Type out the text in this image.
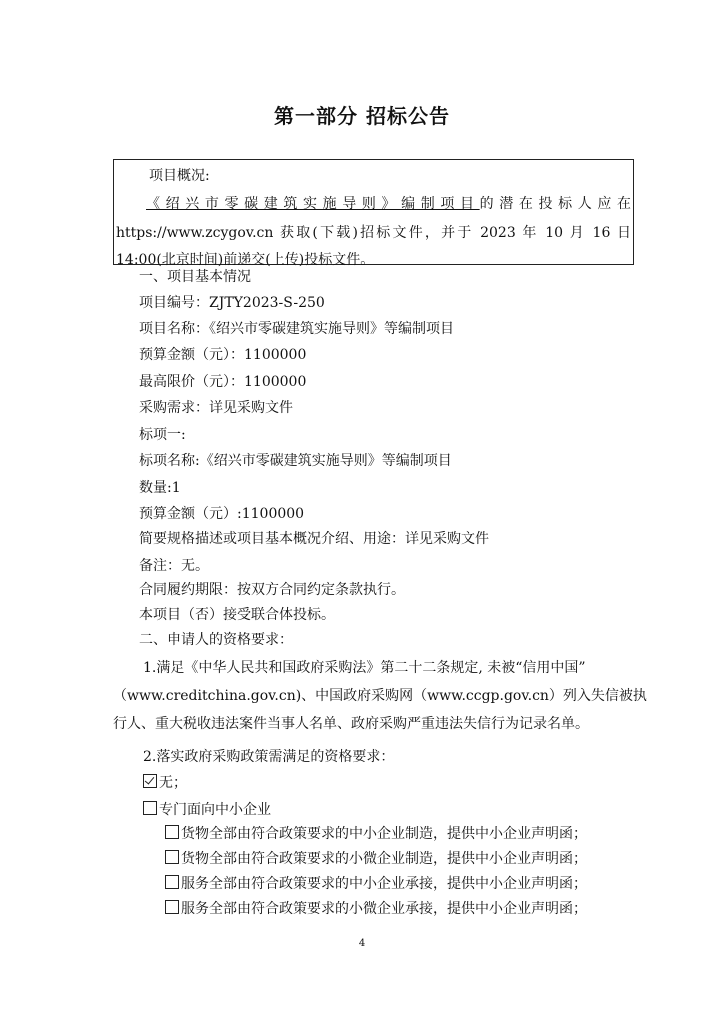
第一部分 招标公告
项目概况:
《绍兴市零碳建筑实施导则》编制项目的潜在投标人应在
https://www.zcygov.cn 获取(下载)招标文件，并于 2023 年 10 月 16 日
14:00(北京时间)前递交(上传)投标文件。
一、项目基本情况
项目编号：ZJTY2023-S-250
项目名称：《绍兴市零碳建筑实施导则》等编制项目
预算金额（元）：1100000
最高限价（元）：1100000
采购需求：详见采购文件
标项一:
标项名称:《绍兴市零碳建筑实施导则》等编制项目
数量:1
预算金额（元）:1100000
简要规格描述或项目基本概况介绍、用途：详见采购文件
备注：无。
合同履约期限：按双方合同约定条款执行。
本项目（否）接受联合体投标。
二、申请人的资格要求：
1.满足《中华人民共和国政府采购法》第二十二条规定, 未被“信用中国”
（www.creditchina.gov.cn)、中国政府采购网（www.ccgp.gov.cn）列入失信被执
行人、重大税收违法案件当事人名单、政府采购严重违法失信行为记录名单。
2.落实政府采购政策需满足的资格要求：
无；
专门面向中小企业
货物全部由符合政策要求的中小企业制造，提供中小企业声明函；
货物全部由符合政策要求的小微企业制造，提供中小企业声明函；
服务全部由符合政策要求的中小企业承接，提供中小企业声明函；
服务全部由符合政策要求的小微企业承接，提供中小企业声明函；
4
